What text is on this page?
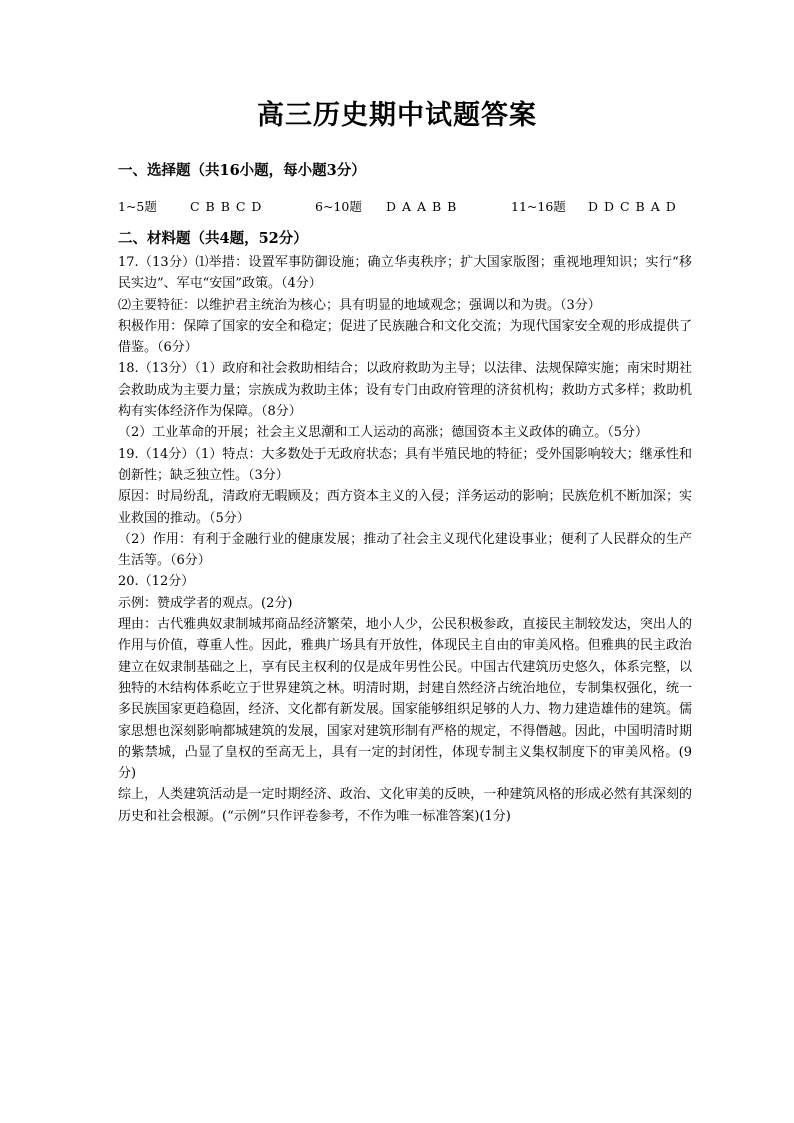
高三历史期中试题答案
一、选择题（共16小题，每小题3分）
1~5题	C B B C D	6~10题 D A A B B	11~16题 D D C B A D
二、材料题（共4题，52分）

17.（13分）⑴举措：设置军事防御设施；确立华夷秩序；扩大国家版图；重视地理知识；实行“移民实边”、军屯“安国”政策。（4分）

⑵主要特征：以维护君主统治为核心；具有明显的地域观念；强调以和为贵。（3分）

积极作用：保障了国家的安全和稳定；促进了民族融合和文化交流；为现代国家安全观的形成提供了借鉴。（6分）

18.（13分）（1）政府和社会救助相结合；以政府救助为主导；以法律、法规保障实施；南宋时期社会救助成为主要力量；宗族成为救助主体；设有专门由政府管理的济贫机构；救助方式多样；救助机构有实体经济作为保障。（8分）

（2）工业革命的开展；社会主义思潮和工人运动的高涨；德国资本主义政体的确立。（5分）

19.（14分）（1）特点：大多数处于无政府状态；具有半殖民地的特征；受外国影响较大；继承性和创新性；缺乏独立性。（3分）

原因：时局纷乱，清政府无暇顾及；西方资本主义的入侵；洋务运动的影响；民族危机不断加深；实业救国的推动。（5分）

（2）作用：有利于金融行业的健康发展；推动了社会主义现代化建设事业；便利了人民群众的生产生活等。（6分）

20.（12分）

示例：赞成学者的观点。(2分)

理由：古代雅典奴隶制城邦商品经济繁荣，地小人少，公民积极参政，直接民主制较发达，突出人的作用与价值，尊重人性。因此，雅典广场具有开放性，体现民主自由的审美风格。但雅典的民主政治建立在奴隶制基础之上，享有民主权利的仅是成年男性公民。中国古代建筑历史悠久，体系完整，以独特的木结构体系屹立于世界建筑之林。明清时期，封建自然经济占统治地位，专制集权强化，统一多民族国家更趋稳固，经济、文化都有新发展。国家能够组织足够的人力、物力建造雄伟的建筑。儒家思想也深刻影响都城建筑的发展，国家对建筑形制有严格的规定，不得僭越。因此，中国明清时期的紫禁城，凸显了皇权的至高无上，具有一定的封闭性，体现专制主义集权制度下的审美风格。(9分)

综上，人类建筑活动是一定时期经济、政治、文化审美的反映，一种建筑风格的形成必然有其深刻的历史和社会根源。(“示例”只作评卷参考，不作为唯一标准答案)(1分)
